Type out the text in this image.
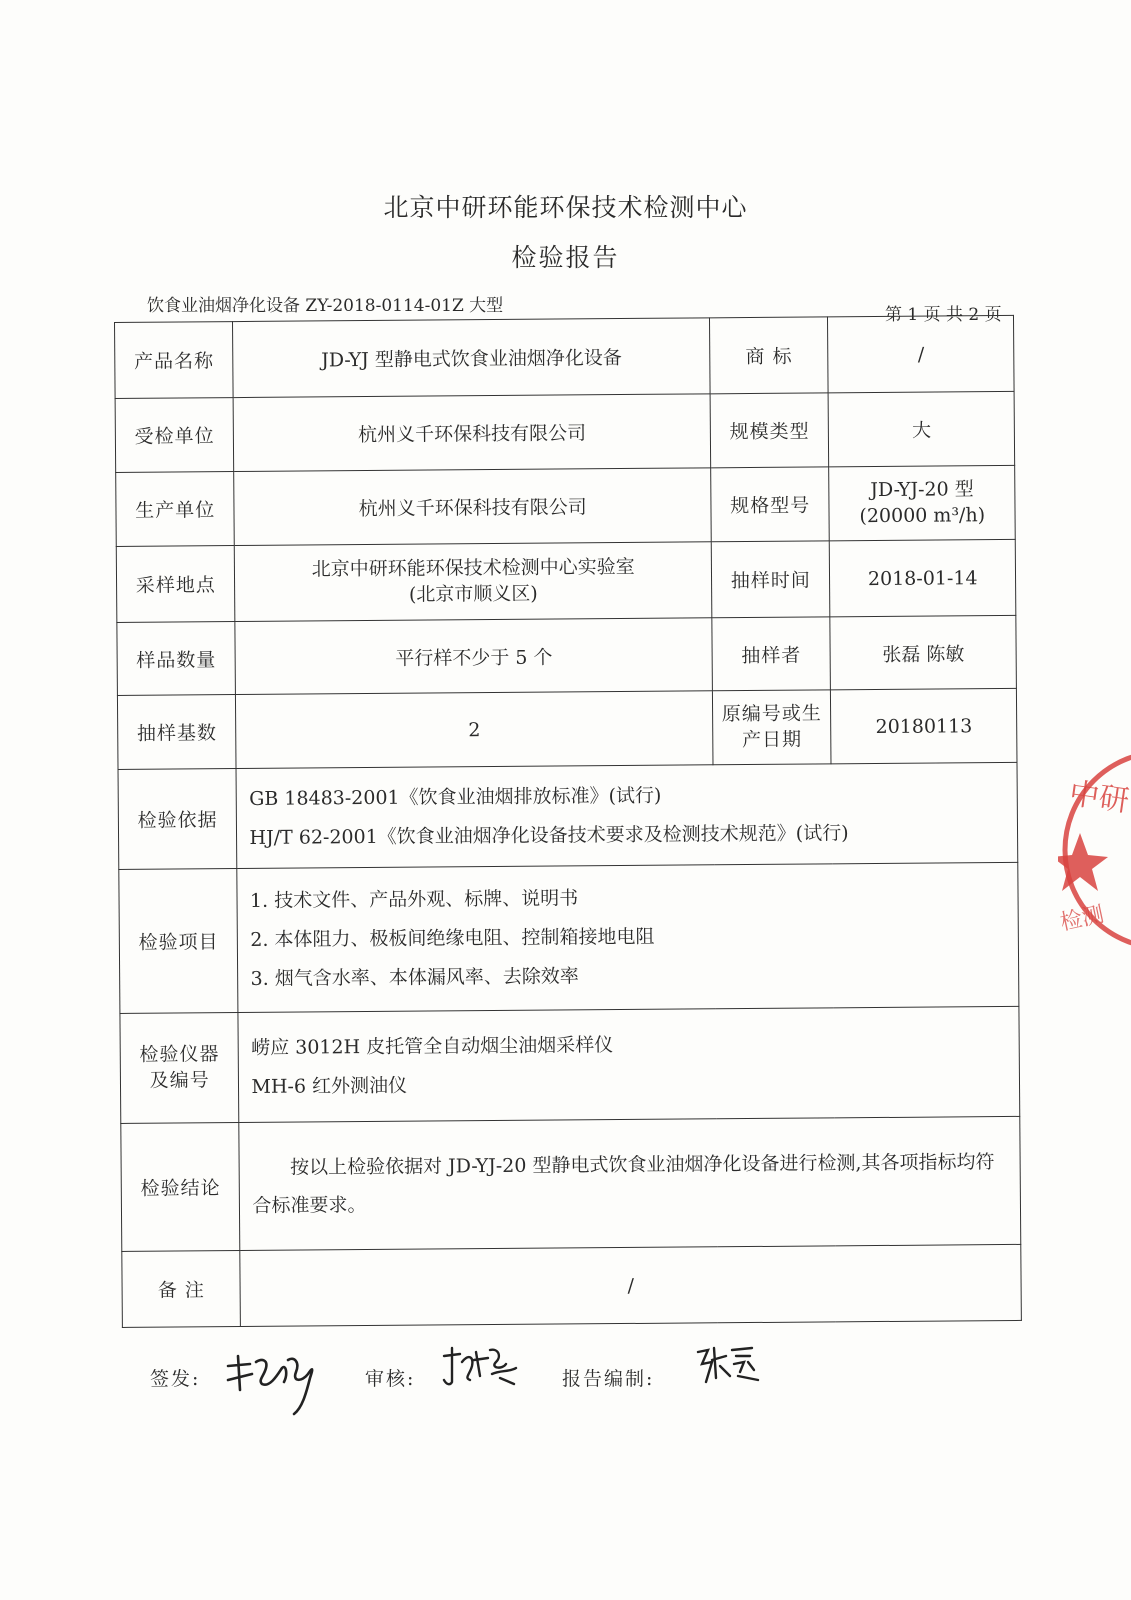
北京中研环能环保技术检测中心
检验报告
饮食业油烟净化设备 ZY-2018-0114-01Z 大型	第 1 页 共 2 页
产品名称	JD-YJ 型静电式饮食业油烟净化设备	商 标	/
受检单位	杭州义千环保科技有限公司	规模类型	大
生产单位	杭州义千环保科技有限公司	规格型号	JD-YJ-20 型
(20000 m³/h)

采样地点	北京中研环能环保技术检测中心实验室
(北京市顺义区)	抽样时间	2018-01-14
样品数量	平行样不少于 5 个	抽样者	张磊 陈敏
抽样基数	2	原编号或生
产日期	20180113
检验依据	GB 18483-2001《饮食业油烟排放标准》(试行)
HJ/T 62-2001《饮食业油烟净化设备技术要求及检测技术规范》(试行)		

检验项目	1. 技术文件、产品外观、标牌、说明书
2. 本体阻力、极板间绝缘电阻、控制箱接地电阻
3. 烟气含水率、本体漏风率、去除效率		

检验仪器
及编号	崂应 3012H 皮托管全自动烟尘油烟采样仪
MH-6 红外测油仪		

检验结论	按以上检验依据对 JD-YJ-20 型静电式饮食业油烟净化设备进行检测,其各项指标均符合标准要求。		
备 注	/		
签发:	审核:	报告编制:
中研
检测
